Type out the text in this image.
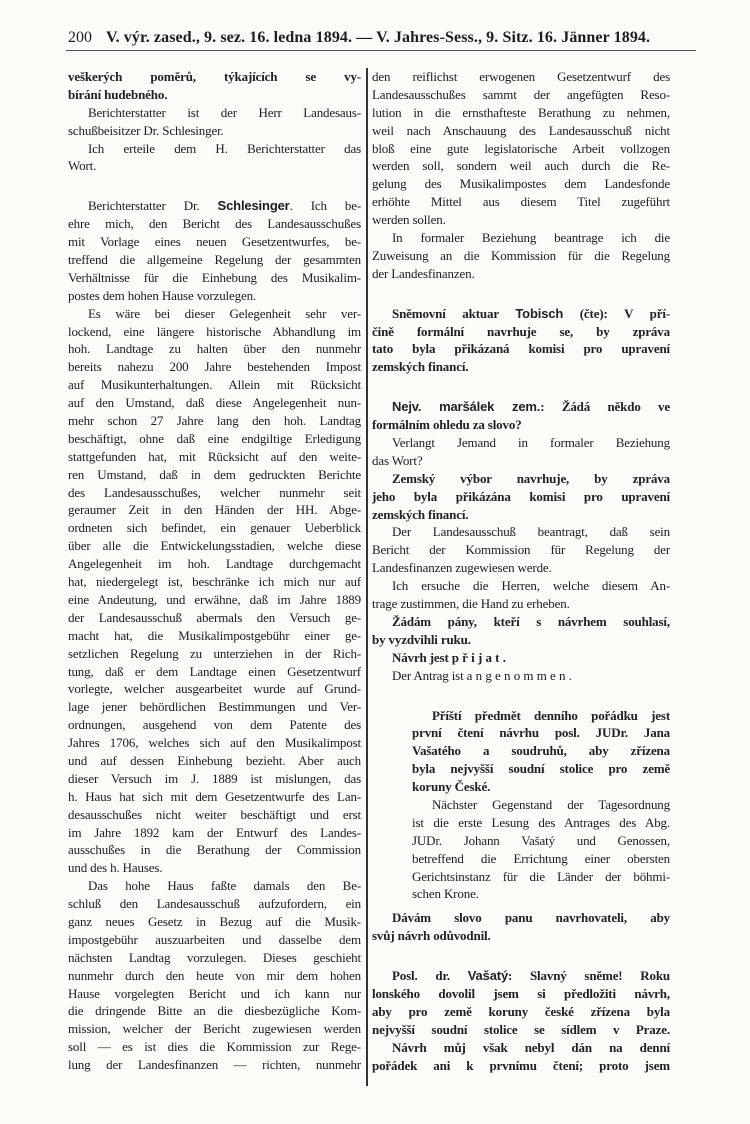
200 V. výr. zased., 9. sez. 16. ledna 1894. — V. Jahres-Sess., 9. Sitz. 16. Jänner 1894.
veškerých poměrů, týkajících se vy-
bírání hudebného.
Berichterstatter ist der Herr Landesaus-
schußbeisitzer Dr. Schlesinger.
Ich erteile dem H. Berichterstatter das
Wort.
Berichterstatter Dr. Schlesinger. Ich be-
ehre mich, den Bericht des Landesausschußes
mit Vorlage eines neuen Gesetzentwurfes, be-
treffend die allgemeine Regelung der gesammten
Verhältnisse für die Einhebung des Musikalim-
postes dem hohen Hause vorzulegen.
Es wäre bei dieser Gelegenheit sehr ver-
lockend, eine längere historische Abhandlung im
hoh. Landtage zu halten über den nunmehr
bereits nahezu 200 Jahre bestehenden Impost
auf Musikunterhaltungen. Allein mit Rücksicht
auf den Umstand, daß diese Angelegenheit nun-
mehr schon 27 Jahre lang den hoh. Landtag
beschäftigt, ohne daß eine endgiltige Erledigung
stattgefunden hat, mit Rücksicht auf den weite-
ren Umstand, daß in dem gedruckten Berichte
des Landesausschußes, welcher nunmehr seit
geraumer Zeit in den Händen der HH. Abge-
ordneten sich befindet, ein genauer Ueberblick
über alle die Entwickelungsstadien, welche diese
Angelegenheit im hoh. Landtage durchgemacht
hat, niedergelegt ist, beschränke ich mich nur auf
eine Andeutung, und erwähne, daß im Jahre 1889
der Landesausschuß abermals den Versuch ge-
macht hat, die Musikalimpostgebühr einer ge-
setzlichen Regelung zu unterziehen in der Rich-
tung, daß er dem Landtage einen Gesetzentwurf
vorlegte, welcher ausgearbeitet wurde auf Grund-
lage jener behördlichen Bestimmungen und Ver-
ordnungen, ausgehend von dem Patente des
Jahres 1706, welches sich auf den Musikalimpost
und auf dessen Einhebung bezieht. Aber auch
dieser Versuch im J. 1889 ist mislungen, das
h. Haus hat sich mit dem Gesetzentwurfe des Lan-
desausschußes nicht weiter beschäftigt und erst
im Jahre 1892 kam der Entwurf des Landes-
ausschußes in die Berathung der Commission
und des h. Hauses.
Das hohe Haus faßte damals den Be-
schluß den Landesausschuß aufzufordern, ein
ganz neues Gesetz in Bezug auf die Musik-
impostgebühr auszuarbeiten und dasselbe dem
nächsten Landtag vorzulegen. Dieses geschieht
nunmehr durch den heute von mir dem hohen
Hause vorgelegten Bericht und ich kann nur
die dringende Bitte an die diesbezügliche Kom-
mission, welcher der Bericht zugewiesen werden
soll — es ist dies die Kommission zur Rege-
lung der Landesfinanzen — richten, nunmehr
den reiflichst erwogenen Gesetzentwurf des
Landesausschußes sammt der angefügten Reso-
lution in die ernsthafteste Berathung zu nehmen,
weil nach Anschauung des Landesausschuß nicht
bloß eine gute legislatorische Arbeit vollzogen
werden soll, sondern weil auch durch die Re-
gelung des Musikalimpostes dem Landesfonde
erhöhte Mittel aus diesem Titel zugeführt
werden sollen.
In formaler Beziehung beantrage ich die
Zuweisung an die Kommission für die Regelung
der Landesfinanzen.
Sněmovní aktuar Tobisch (čte): V pří-
čině formální navrhuje se, by zpráva
tato byla přikázaná komisi pro upravení
zemských financí.
Nejv. maršálek zem.: Žádá někdo ve
formálním ohledu za slovo?
Verlangt Jemand in formaler Beziehung
das Wort?
Zemský výbor navrhuje, by zpráva
jeho byla přikázána komisi pro upravení
zemských financí.
Der Landesausschuß beantragt, daß sein
Bericht der Kommission für Regelung der
Landesfinanzen zugewiesen werde.
Ich ersuche die Herren, welche diesem An-
trage zustimmen, die Hand zu erheben.
Žádám pány, kteří s návrhem souhlasí,
by vyzdvihli ruku.
Návrh jest přijat.
Der Antrag ist angenommen.
Příští předmět denního pořádku jest
první čtení návrhu posl. JUDr. Jana
Vašatého a soudruhů, aby zřízena
byla nejvyšší soudní stolice pro země
koruny České.
Nächster Gegenstand der Tagesordnung
ist die erste Lesung des Antrages des Abg.
JUDr. Johann Vašatý und Genossen,
betreffend die Errichtung einer obersten
Gerichtsinstanz für die Länder der böhmi-
schen Krone.
Dávám slovo panu navrhovateli, aby
svůj návrh odůvodnil.
Posl. dr. Vašatý: Slavný sněme! Roku
lonského dovolil jsem si předložiti návrh,
aby pro země koruny české zřízena byla
nejvyšší soudní stolice se sídlem v Praze.
Návrh můj však nebyl dán na denní
pořádek ani k prvnímu čtení; proto jsem
